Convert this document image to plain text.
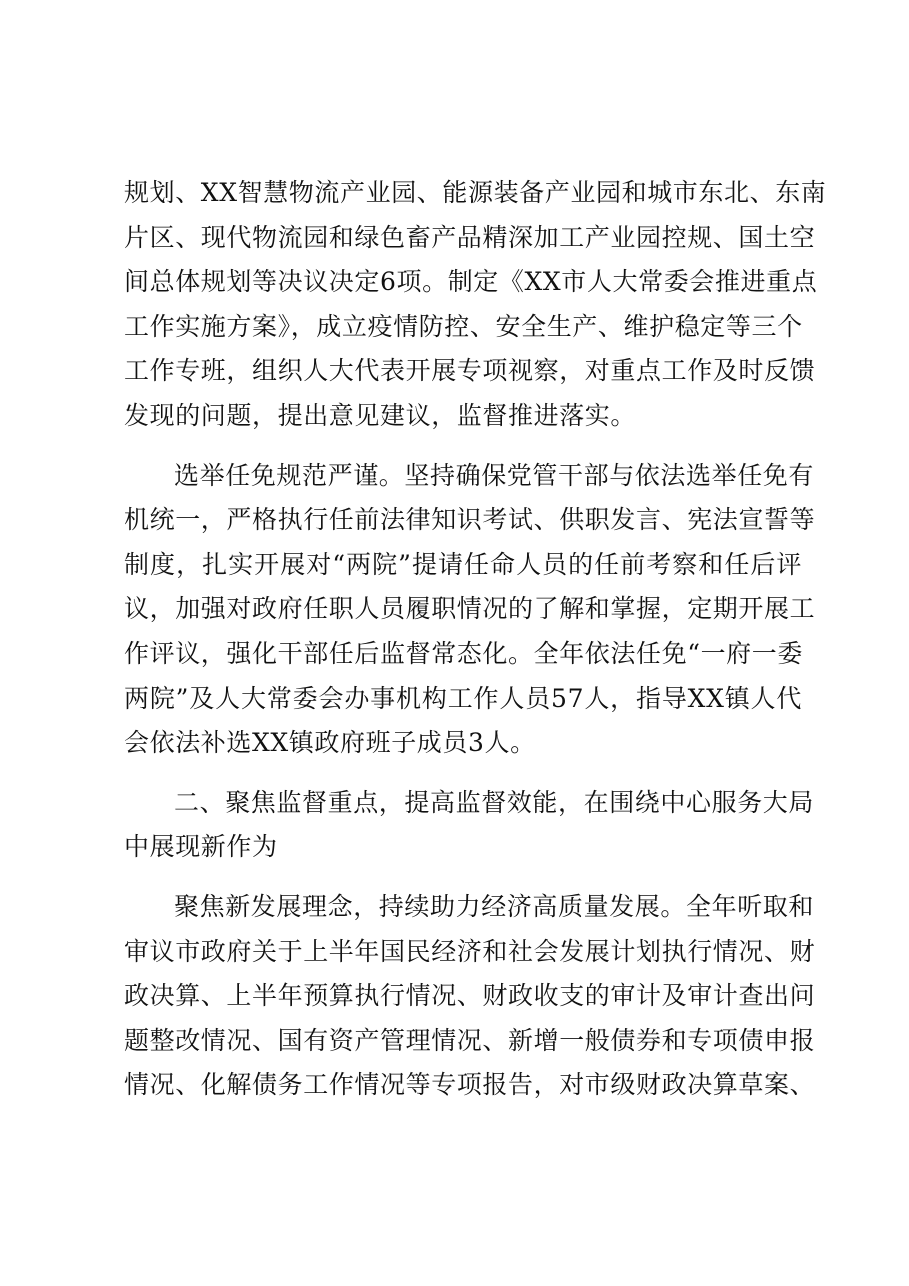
规划、XX智慧物流产业园、能源装备产业园和城市东北、东南
片区、现代物流园和绿色畜产品精深加工产业园控规、国土空
间总体规划等决议决定6项。制定《XX市人大常委会推进重点
工作实施方案》，成立疫情防控、安全生产、维护稳定等三个
工作专班，组织人大代表开展专项视察，对重点工作及时反馈
发现的问题，提出意见建议，监督推进落实。
选举任免规范严谨。坚持确保党管干部与依法选举任免有
机统一，严格执行任前法律知识考试、供职发言、宪法宣誓等
制度，扎实开展对“两院”提请任命人员的任前考察和任后评
议，加强对政府任职人员履职情况的了解和掌握，定期开展工
作评议，强化干部任后监督常态化。全年依法任免“一府一委
两院”及人大常委会办事机构工作人员57人，指导XX镇人代
会依法补选XX镇政府班子成员3人。
二、聚焦监督重点，提高监督效能，在围绕中心服务大局
中展现新作为
聚焦新发展理念，持续助力经济高质量发展。全年听取和
审议市政府关于上半年国民经济和社会发展计划执行情况、财
政决算、上半年预算执行情况、财政收支的审计及审计查出问
题整改情况、国有资产管理情况、新增一般债券和专项债申报
情况、化解债务工作情况等专项报告，对市级财政决算草案、
